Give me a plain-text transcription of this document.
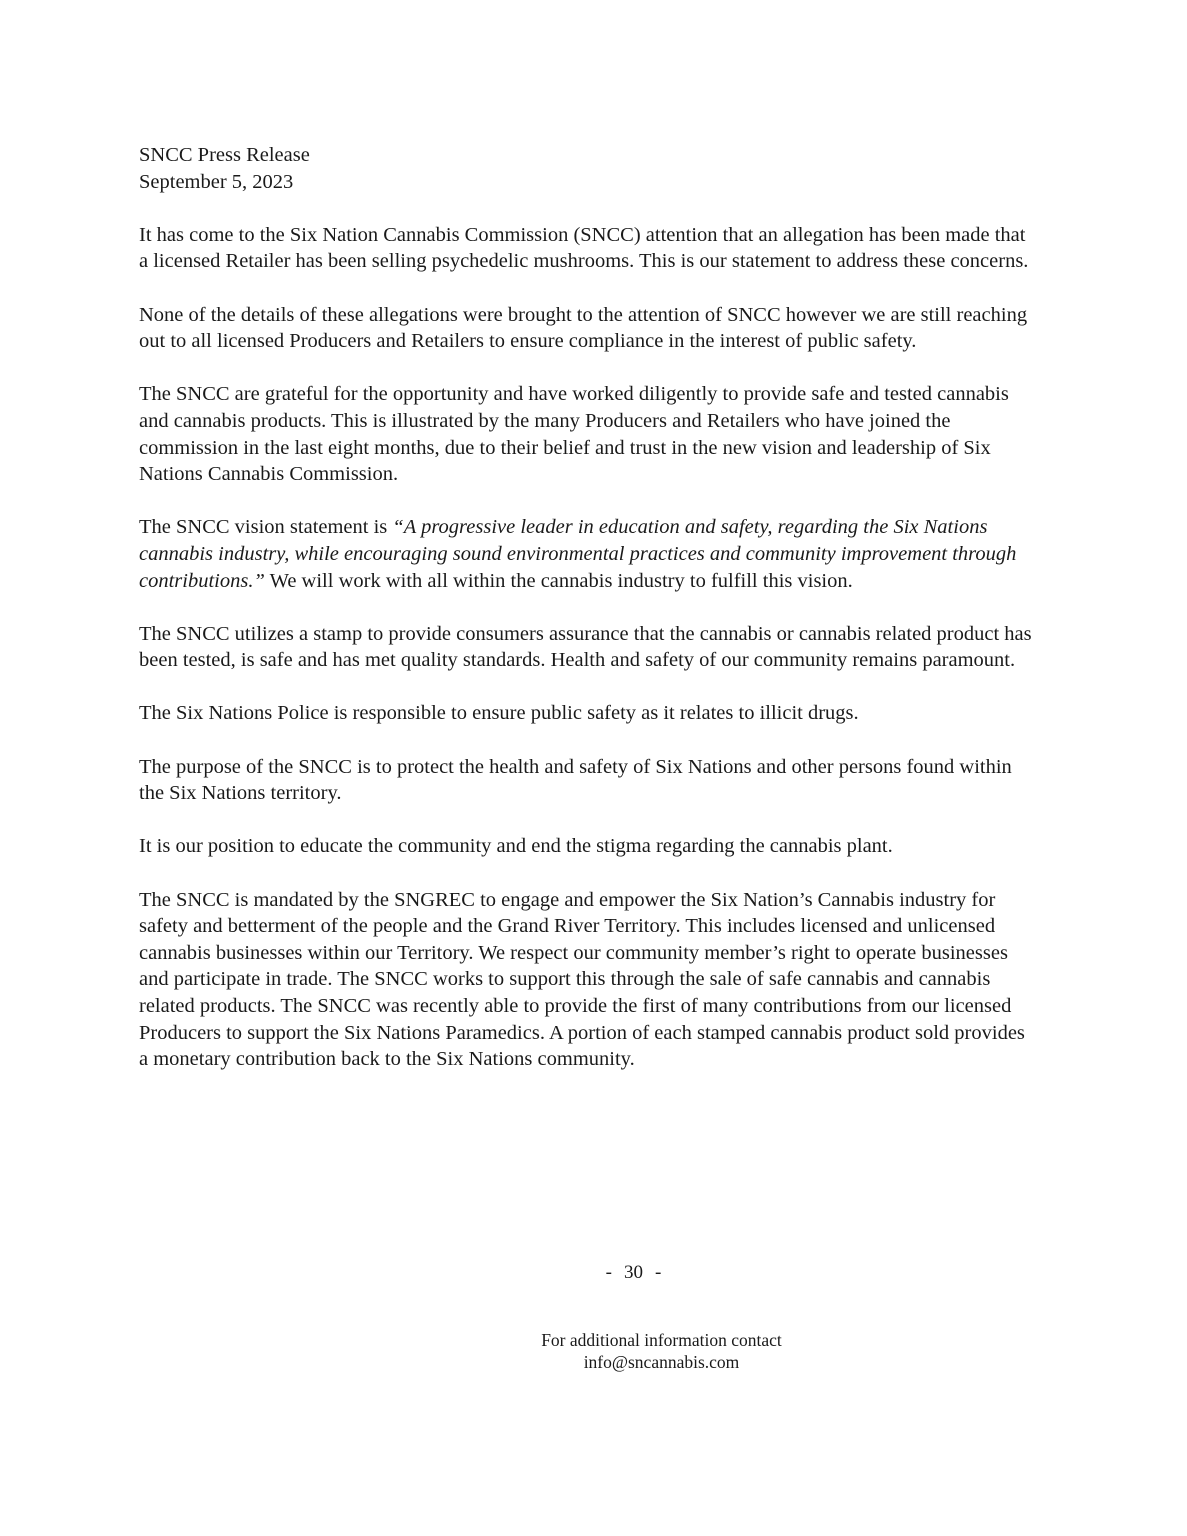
SNCC Press Release
September 5, 2023

It has come to the Six Nation Cannabis Commission (SNCC) attention that an allegation has been made that a licensed Retailer has been selling psychedelic mushrooms. This is our statement to address these concerns.

None of the details of these allegations were brought to the attention of SNCC however we are still reaching out to all licensed Producers and Retailers to ensure compliance in the interest of public safety.

The SNCC are grateful for the opportunity and have worked diligently to provide safe and tested cannabis and cannabis products. This is illustrated by the many Producers and Retailers who have joined the commission in the last eight months, due to their belief and trust in the new vision and leadership of Six Nations Cannabis Commission.

The SNCC vision statement is “A progressive leader in education and safety, regarding the Six Nations cannabis industry, while encouraging sound environmental practices and community improvement through contributions.” We will work with all within the cannabis industry to fulfill this vision.

The SNCC utilizes a stamp to provide consumers assurance that the cannabis or cannabis related product has been tested, is safe and has met quality standards. Health and safety of our community remains paramount.

The Six Nations Police is responsible to ensure public safety as it relates to illicit drugs.

The purpose of the SNCC is to protect the health and safety of Six Nations and other persons found within the Six Nations territory.

It is our position to educate the community and end the stigma regarding the cannabis plant.

The SNCC is mandated by the SNGREC to engage and empower the Six Nation’s Cannabis industry for safety and betterment of the people and the Grand River Territory. This includes licensed and unlicensed cannabis businesses within our Territory. We respect our community member’s right to operate businesses and participate in trade. The SNCC works to support this through the sale of safe cannabis and cannabis related products. The SNCC was recently able to provide the first of many contributions from our licensed Producers to support the Six Nations Paramedics. A portion of each stamped cannabis product sold provides a monetary contribution back to the Six Nations community.

- 30 -
For additional information contact
info@sncannabis.com
